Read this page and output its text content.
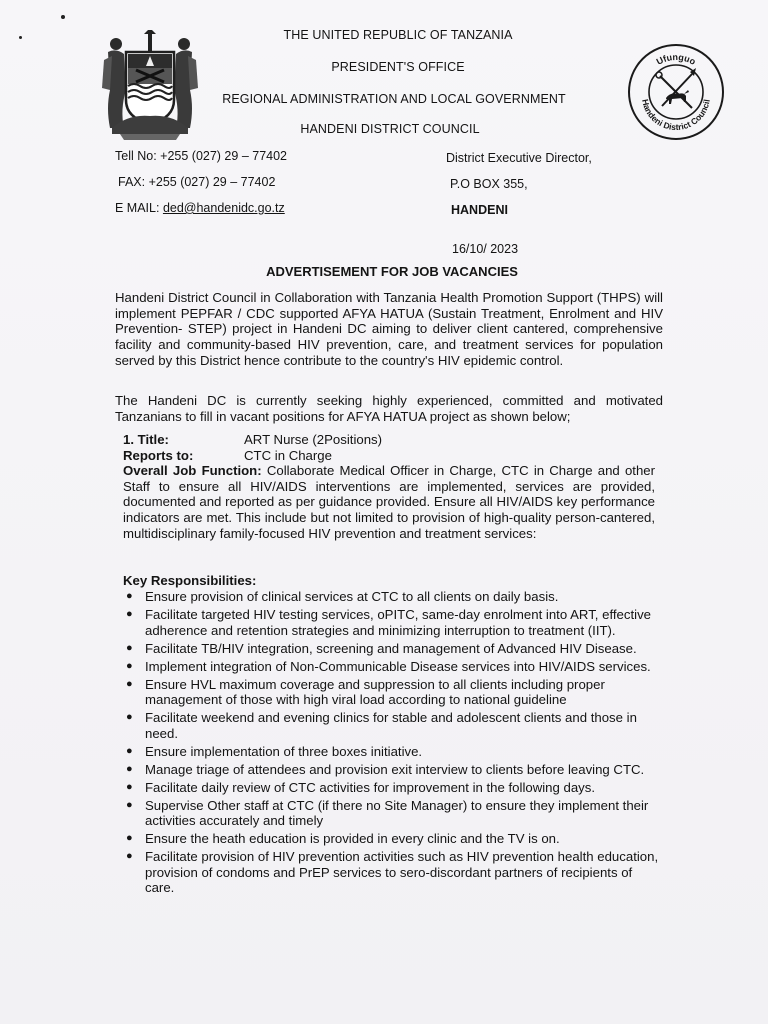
THE UNITED REPUBLIC OF TANZANIA
PRESIDENT'S OFFICE
REGIONAL ADMINISTRATION AND LOCAL GOVERNMENT
HANDENI DISTRICT COUNCIL
Ufunguo
Handeni District Council
Tell No: +255 (027) 29 – 77402
FAX: +255 (027) 29 – 77402
E MAIL: ded@handenidc.go.tz
District Executive Director,
P.O BOX 355,
HANDENI
16/10/ 2023
ADVERTISEMENT FOR JOB VACANCIES
Handeni District Council in Collaboration with Tanzania Health Promotion Support (THPS) will implement PEPFAR / CDC supported AFYA HATUA (Sustain Treatment, Enrolment and HIV Prevention- STEP) project in Handeni DC aiming to deliver client cantered, comprehensive facility and community-based HIV prevention, care, and treatment services for population served by this District hence contribute to the country's HIV epidemic control.
The Handeni DC is currently seeking highly experienced, committed and motivated Tanzanians to fill in vacant positions for AFYA HATUA project as shown below;
1. Title:	ART Nurse (2Positions)
Reports to:	CTC in Charge
Overall Job Function: Collaborate Medical Officer in Charge, CTC in Charge and other Staff to ensure all HIV/AIDS interventions are implemented, services are provided, documented and reported as per guidance provided. Ensure all HIV/AIDS key performance indicators are met. This include but not limited to provision of high-quality person-cantered, multidisciplinary family-focused HIV prevention and treatment services:
Key Responsibilities:
● Ensure provision of clinical services at CTC to all clients on daily basis.
● Facilitate targeted HIV testing services, oPITC, same-day enrolment into ART, effective adherence and retention strategies and minimizing interruption to treatment (IIT).
● Facilitate TB/HIV integration, screening and management of Advanced HIV Disease.
● Implement integration of Non-Communicable Disease services into HIV/AIDS services.
● Ensure HVL maximum coverage and suppression to all clients including proper management of those with high viral load according to national guideline
● Facilitate weekend and evening clinics for stable and adolescent clients and those in need.
● Ensure implementation of three boxes initiative.
● Manage triage of attendees and provision exit interview to clients before leaving CTC.
● Facilitate daily review of CTC activities for improvement in the following days.
● Supervise Other staff at CTC (if there no Site Manager) to ensure they implement their activities accurately and timely
● Ensure the heath education is provided in every clinic and the TV is on.
● Facilitate provision of HIV prevention activities such as HIV prevention health education, provision of condoms and PrEP services to sero-discordant partners of recipients of care.
